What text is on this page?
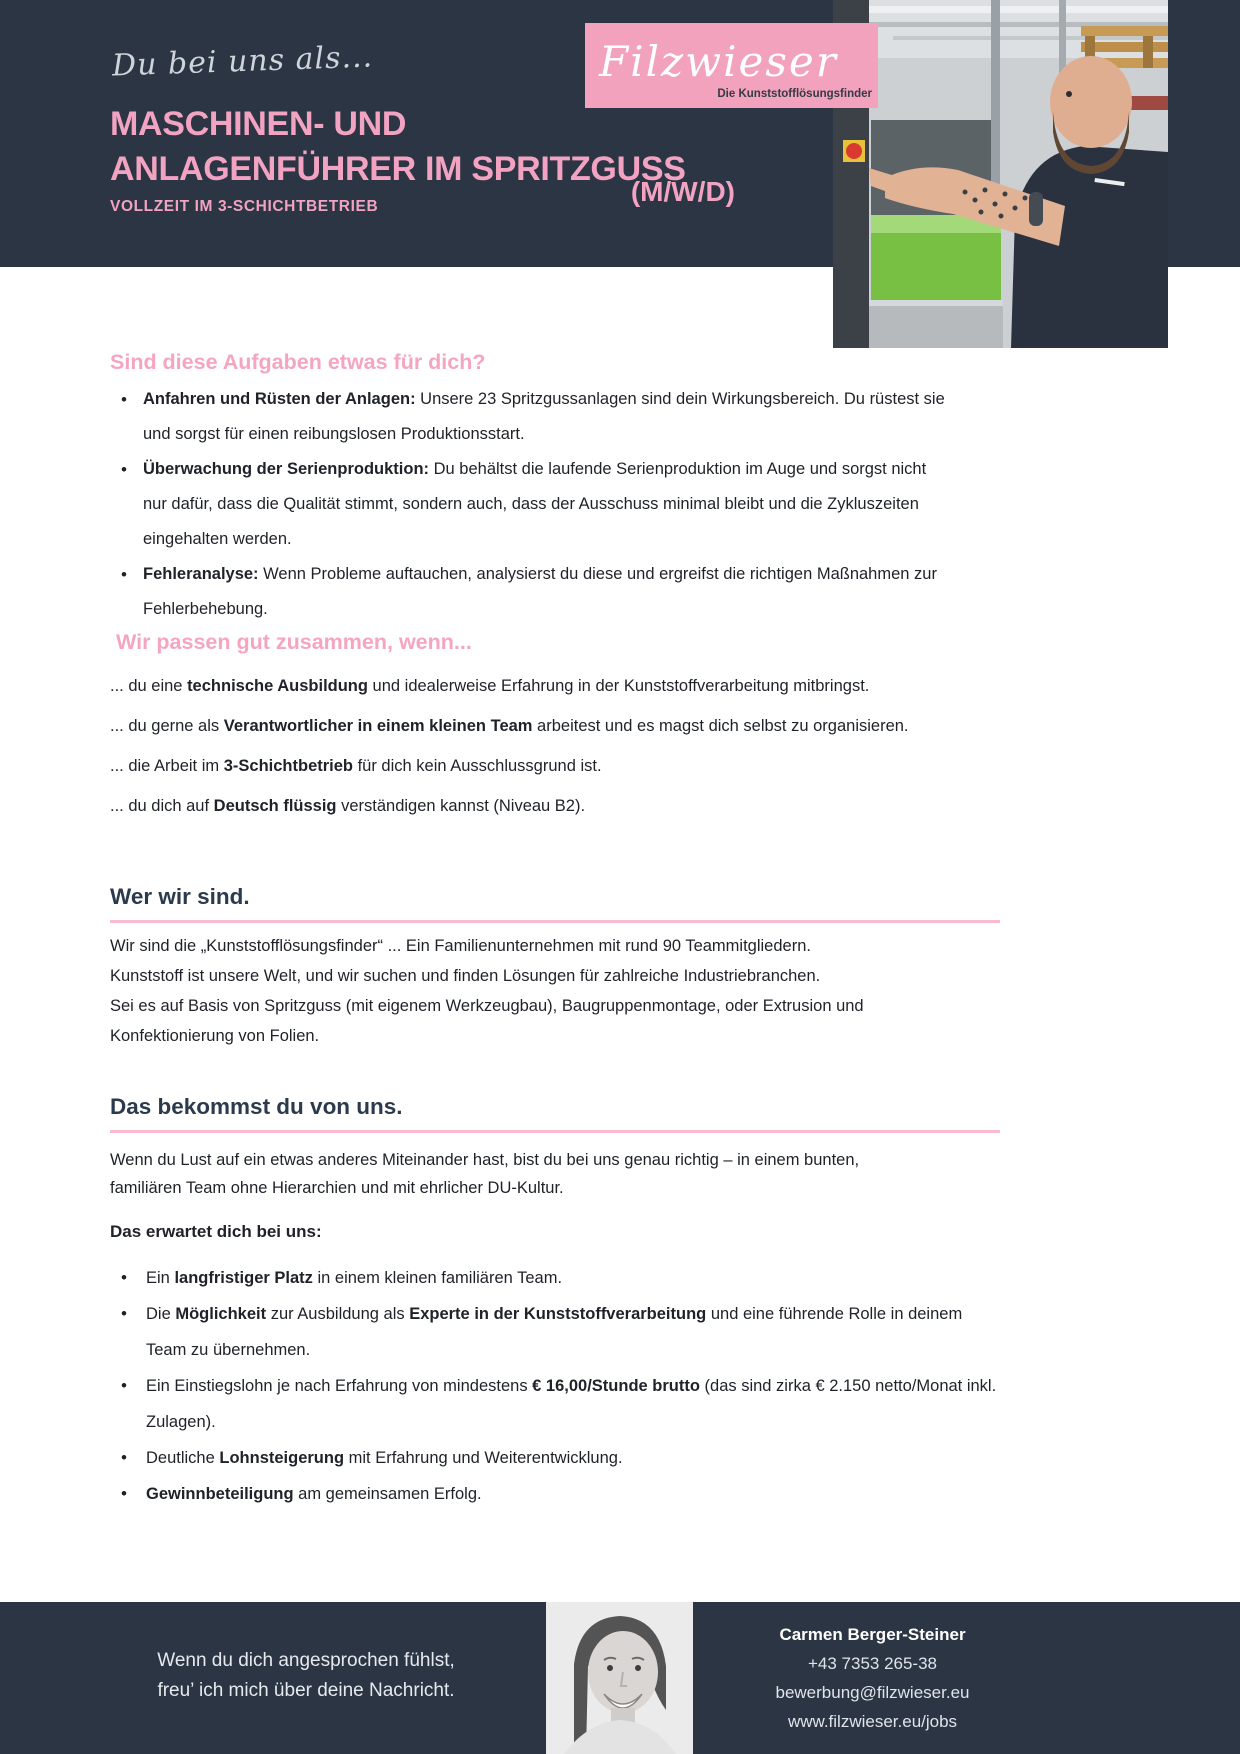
Du bei uns als...
MASCHINEN- UND
ANLAGENFÜHRER IM SPRITZGUSS
(M/W/D)
VOLLZEIT IM 3-SCHICHTBETRIEB
Filzwieser
Die Kunststofflösungsfinder
Sind diese Aufgaben etwas für dich?
• Anfahren und Rüsten der Anlagen: Unsere 23 Spritzgussanlagen sind dein Wirkungsbereich. Du rüstest sie und sorgst für einen reibungslosen Produktionsstart.
• Überwachung der Serienproduktion: Du behältst die laufende Serienproduktion im Auge und sorgst nicht nur dafür, dass die Qualität stimmt, sondern auch, dass der Ausschuss minimal bleibt und die Zykluszeiten eingehalten werden.
• Fehleranalyse: Wenn Probleme auftauchen, analysierst du diese und ergreifst die richtigen Maßnahmen zur Fehlerbehebung.
Wir passen gut zusammen, wenn...
... du eine technische Ausbildung und idealerweise Erfahrung in der Kunststoffverarbeitung mitbringst.
... du gerne als Verantwortlicher in einem kleinen Team arbeitest und es magst dich selbst zu organisieren.
... die Arbeit im 3-Schichtbetrieb für dich kein Ausschlussgrund ist.
... du dich auf Deutsch flüssig verständigen kannst (Niveau B2).
Wer wir sind.
Wir sind die „Kunststofflösungsfinder“ ... Ein Familienunternehmen mit rund 90 Teammitgliedern.
Kunststoff ist unsere Welt, und wir suchen und finden Lösungen für zahlreiche Industriebranchen.
Sei es auf Basis von Spritzguss (mit eigenem Werkzeugbau), Baugruppenmontage, oder Extrusion und
Konfektionierung von Folien.
Das bekommst du von uns.
Wenn du Lust auf ein etwas anderes Miteinander hast, bist du bei uns genau richtig – in einem bunten,
familiären Team ohne Hierarchien und mit ehrlicher DU-Kultur.
Das erwartet dich bei uns:
• Ein langfristiger Platz in einem kleinen familiären Team.
• Die Möglichkeit zur Ausbildung als Experte in der Kunststoffverarbeitung und eine führende Rolle in deinem Team zu übernehmen.
• Ein Einstiegslohn je nach Erfahrung von mindestens € 16,00/Stunde brutto (das sind zirka € 2.150 netto/Monat inkl. Zulagen).
• Deutliche Lohnsteigerung mit Erfahrung und Weiterentwicklung.
• Gewinnbeteiligung am gemeinsamen Erfolg.
Wenn du dich angesprochen fühlst,
freu’ ich mich über deine Nachricht.
Carmen Berger-Steiner
+43 7353 265-38
bewerbung@filzwieser.eu
www.filzwieser.eu/jobs
